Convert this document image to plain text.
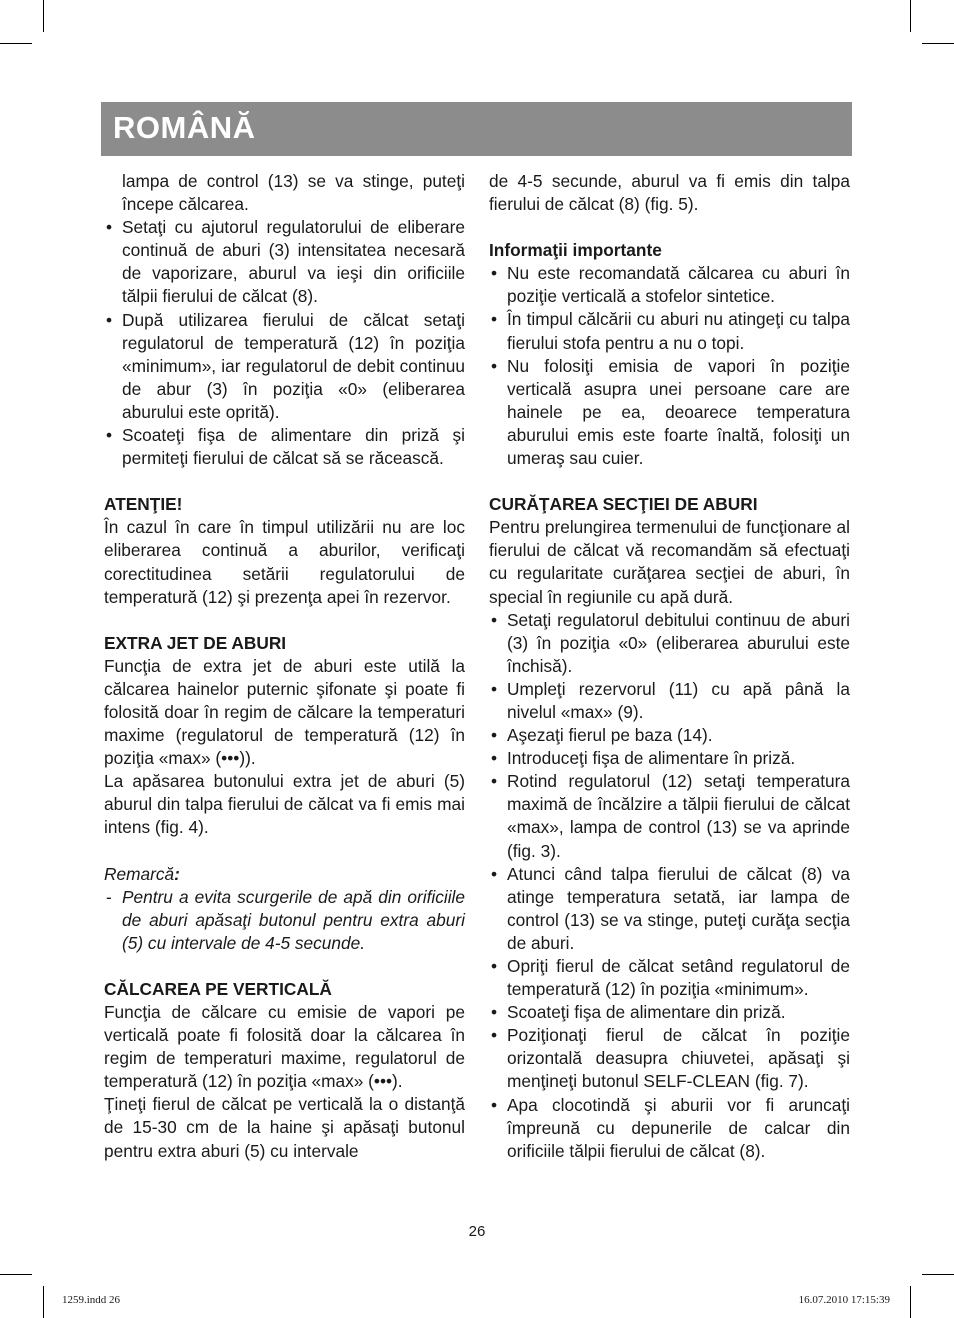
ROMÂNĂ

lampa de control (13) se va stinge, puteţi începe călcarea.

• Setaţi cu ajutorul regulatorului de eliberare continuă de aburi (3) intensitatea necesară de vaporizare, aburul va ieşi din orificiile tălpii fierului de călcat (8).

• După utilizarea fierului de călcat setaţi regulatorul de temperatură (12) în poziţia «minimum», iar regulatorul de debit continuu de abur (3) în poziţia «0» (eliberarea aburului este oprită).

• Scoateţi fişa de alimentare din priză şi permiteţi fierului de călcat să se răcească.

ATENŢIE!

În cazul în care în timpul utilizării nu are loc eliberarea continuă a aburilor, verificaţi corectitudinea setării regulatorului de temperatură (12) şi prezenţa apei în rezervor.

EXTRA JET DE ABURI

Funcţia de extra jet de aburi este utilă la călcarea hainelor puternic şifonate şi poate fi folosită doar în regim de călcare la temperaturi maxime (regulatorul de temperatură (12) în poziţia «max» (•••)).

La apăsarea butonului extra jet de aburi (5) aburul din talpa fierului de călcat va fi emis mai intens (fig. 4).

Remarcă:

- Pentru a evita scurgerile de apă din orificiile de aburi apăsaţi butonul pentru extra aburi (5) cu intervale de 4-5 secunde.

CĂLCAREA PE VERTICALĂ

Funcţia de călcare cu emisie de vapori pe verticală poate fi folosită doar la călcarea în regim de temperaturi maxime, regulatorul de temperatură (12) în poziţia «max» (•••).

Ţineţi fierul de călcat pe verticală la o distanţă de 15-30 cm de la haine şi apăsaţi butonul pentru extra aburi (5) cu intervale

de 4-5 secunde, aburul va fi emis din talpa fierului de călcat (8) (fig. 5).

Informaţii importante

• Nu este recomandată călcarea cu aburi în poziţie verticală a stofelor sintetice.

• În timpul călcării cu aburi nu atingeţi cu talpa fierului stofa pentru a nu o topi.

• Nu folosiţi emisia de vapori în poziţie verticală asupra unei persoane care are hainele pe ea, deoarece temperatura aburului emis este foarte înaltă, folosiţi un umeraş sau cuier.

CURĂŢAREA SECŢIEI DE ABURI

Pentru prelungirea termenului de funcţionare al fierului de călcat vă recomandăm să efectuaţi cu regularitate curăţarea secţiei de aburi, în special în regiunile cu apă dură.

• Setaţi regulatorul debitului continuu de aburi (3) în poziţia «0» (eliberarea aburului este închisă).

• Umpleţi rezervorul (11) cu apă până la nivelul «max» (9).

• Aşezaţi fierul pe baza (14).

• Introduceţi fişa de alimentare în priză.

• Rotind regulatorul (12) setaţi temperatura maximă de încălzire a tălpii fierului de călcat «max», lampa de control (13) se va aprinde (fig. 3).

• Atunci când talpa fierului de călcat (8) va atinge temperatura setată, iar lampa de control (13) se va stinge, puteţi curăţa secţia de aburi.

• Opriţi fierul de călcat setând regulatorul de temperatură (12) în poziţia «minimum».

• Scoateţi fişa de alimentare din priză.

• Poziţionaţi fierul de călcat în poziţie orizontală deasupra chiuvetei, apăsaţi şi menţineţi butonul SELF-CLEAN (fig. 7).

• Apa clocotindă şi aburii vor fi aruncaţi împreună cu depunerile de calcar din orificiile tălpii fierului de călcat (8).

26
1259.indd 26	16.07.2010 17:15:39
